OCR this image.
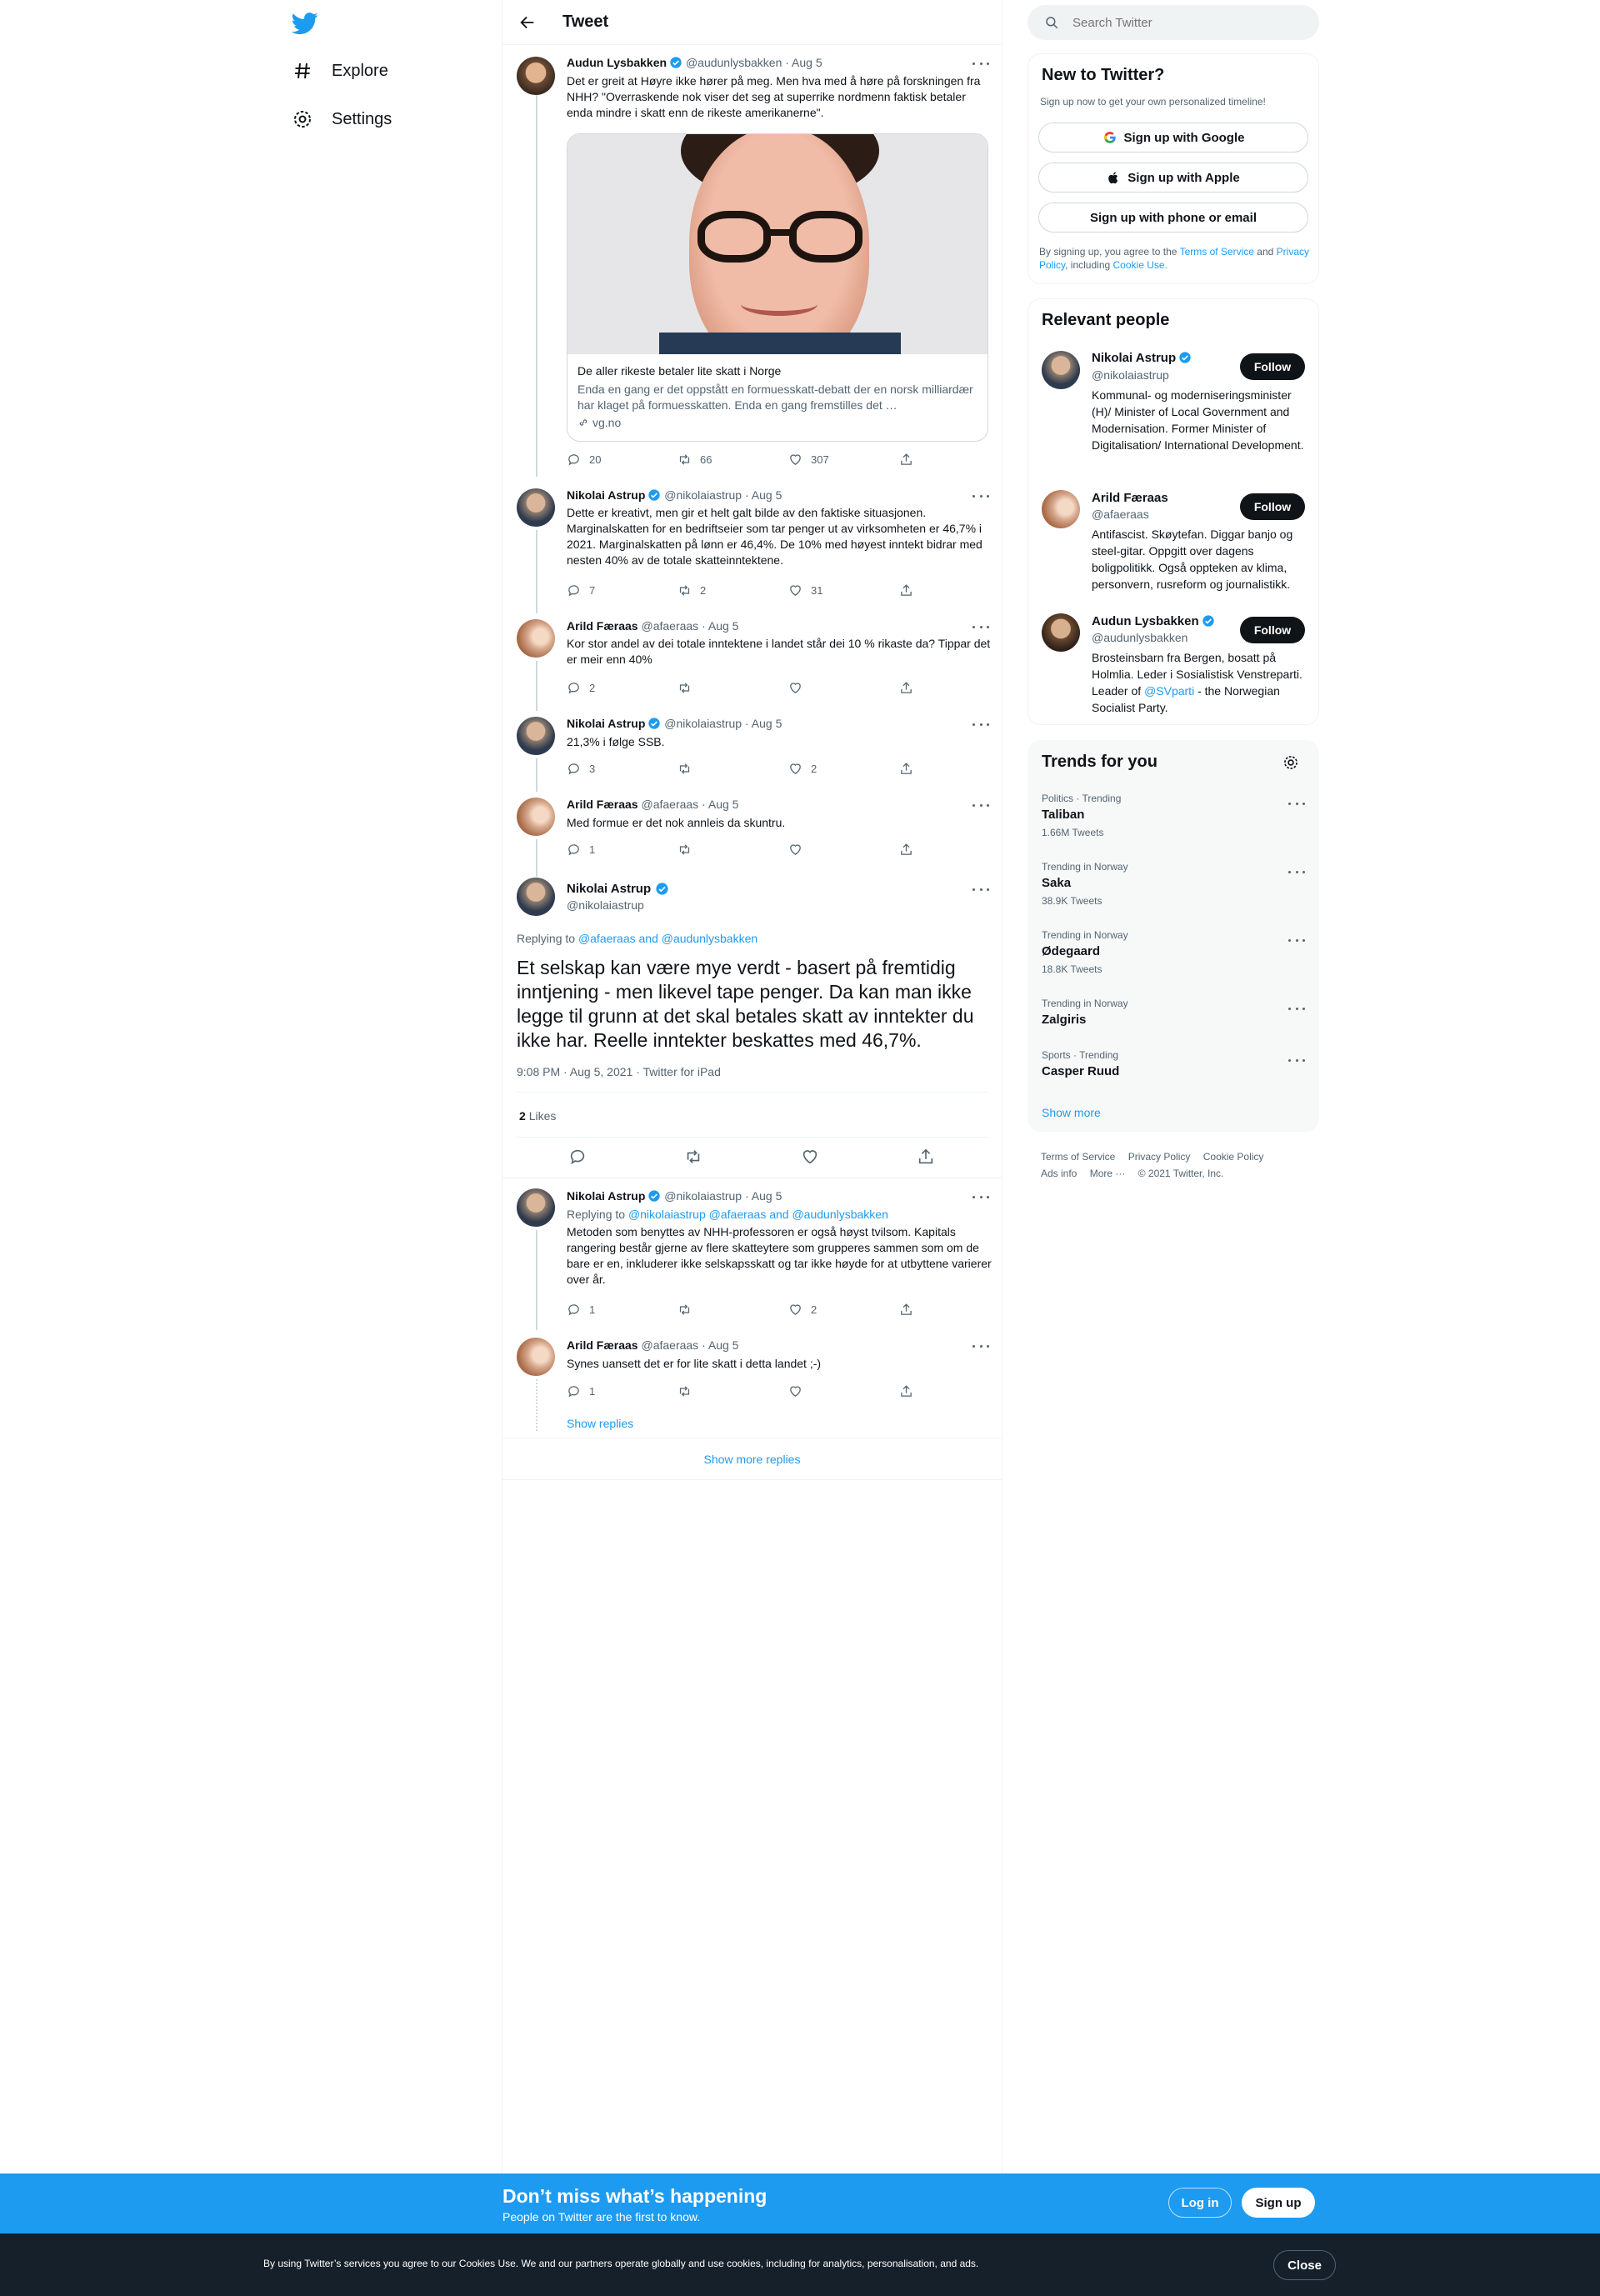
Explore
Settings
Tweet
Audun Lysbakken @audunlysbakken · Aug 5
Det er greit at Høyre ikke hører på meg. Men hva med å høre på forskningen fra NHH? "Overraskende nok viser det seg at superrike nordmenn faktisk betaler enda mindre i skatt enn de rikeste amerikanerne".
De aller rikeste betaler lite skatt i Norge
Enda en gang er det oppstått en formuesskatt-debatt der en norsk milliardær har klaget på formuesskatten. Enda en gang fremstilles det …
vg.no
20	66	307
Nikolai Astrup @nikolaiastrup · Aug 5
Dette er kreativt, men gir et helt galt bilde av den faktiske situasjonen. Marginalskatten for en bedriftseier som tar penger ut av virksomheten er 46,7% i 2021. Marginalskatten på lønn er 46,4%. De 10% med høyest inntekt bidrar med nesten 40% av de totale skatteinntektene.
7	2	31
Arild Færaas @afaeraas · Aug 5
Kor stor andel av dei totale inntektene i landet står dei 10 % rikaste da? Tippar det er meir enn 40%
2
Nikolai Astrup @nikolaiastrup · Aug 5
21,3% i følge SSB.
3	2
Arild Færaas @afaeraas · Aug 5
Med formue er det nok annleis da skuntru.
1
Nikolai Astrup
@nikolaiastrup
Replying to @afaeraas and @audunlysbakken
Et selskap kan være mye verdt - basert på fremtidig inntjening - men likevel tape penger. Da kan man ikke legge til grunn at det skal betales skatt av inntekter du ikke har. Reelle inntekter beskattes med 46,7%.
9:08 PM · Aug 5, 2021 · Twitter for iPad
2 Likes
Nikolai Astrup @nikolaiastrup · Aug 5
Replying to @nikolaiastrup @afaeraas and @audunlysbakken
Metoden som benyttes av NHH-professoren er også høyst tvilsom. Kapitals rangering består gjerne av flere skatteytere som grupperes sammen som om de bare er en, inkluderer ikke selskapsskatt og tar ikke høyde for at utbyttene varierer over år.
1	2
Arild Færaas @afaeraas · Aug 5
Synes uansett det er for lite skatt i detta landet ;-)
1
Show replies
Show more replies
Search Twitter
New to Twitter?
Sign up now to get your own personalized timeline!
Sign up with Google
Sign up with Apple
Sign up with phone or email
By signing up, you agree to the Terms of Service and Privacy Policy, including Cookie Use.
Relevant people
Nikolai Astrup
@nikolaiastrup
Follow
Kommunal- og moderniseringsminister (H)/ Minister of Local Government and Modernisation. Former Minister of Digitalisation/ International Development.
Arild Færaas
@afaeraas
Follow
Antifascist. Skøytefan. Diggar banjo og steel-gitar. Oppgitt over dagens boligpolitikk. Også oppteken av klima, personvern, rusreform og journalistikk.
Audun Lysbakken
@audunlysbakken
Follow
Brosteinsbarn fra Bergen, bosatt på Holmlia. Leder i Sosialistisk Venstreparti. Leader of @SVparti - the Norwegian Socialist Party.
Trends for you
Politics · Trending
Taliban
1.66M Tweets
Trending in Norway
Saka
38.9K Tweets
Trending in Norway
Ødegaard
18.8K Tweets
Trending in Norway
Zalgiris
Sports · Trending
Casper Ruud
Show more
Terms of Service Privacy Policy Cookie Policy
Ads info More ··· © 2021 Twitter, Inc.
Don’t miss what’s happening
People on Twitter are the first to know.
Log in	Sign up
By using Twitter’s services you agree to our Cookies Use. We and our partners operate globally and use cookies, including for analytics, personalisation, and ads.	Close
